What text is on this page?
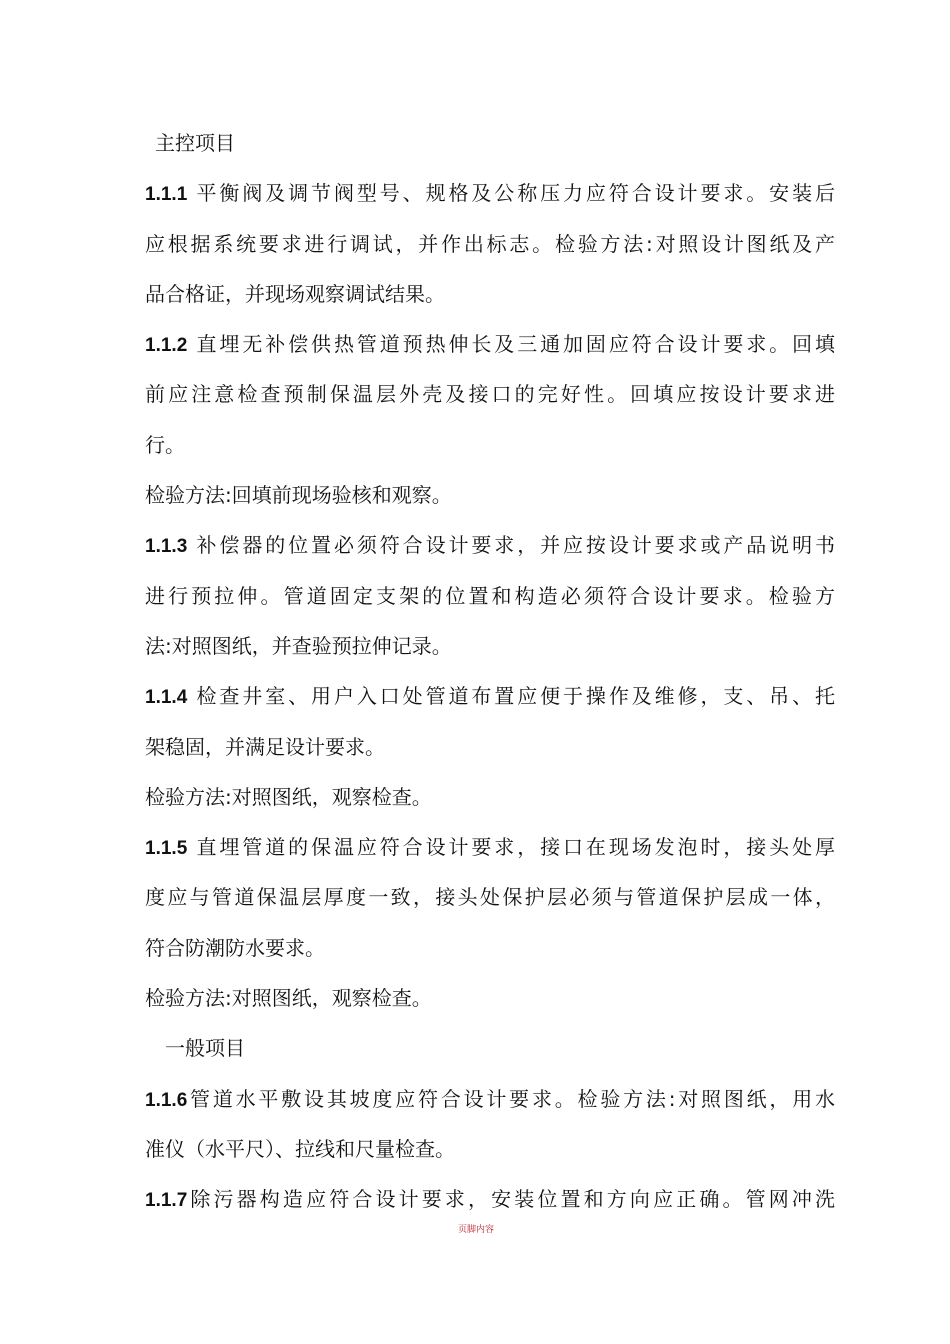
主控项目
1.1.1 平衡阀及调节阀型号、规格及公称压力应符合设计要求。安装后
应根据系统要求进行调试，并作出标志。检验方法:对照设计图纸及产
品合格证，并现场观察调试结果。
1.1.2 直埋无补偿供热管道预热伸长及三通加固应符合设计要求。回填
前应注意检查预制保温层外壳及接口的完好性。回填应按设计要求进
行。
检验方法:回填前现场验核和观察。
1.1.3 补偿器的位置必须符合设计要求，并应按设计要求或产品说明书
进行预拉伸。管道固定支架的位置和构造必须符合设计要求。检验方
法:对照图纸，并查验预拉伸记录。
1.1.4 检查井室、用户入口处管道布置应便于操作及维修，支、吊、托
架稳固，并满足设计要求。
检验方法:对照图纸，观察检查。
1.1.5 直埋管道的保温应符合设计要求，接口在现场发泡时，接头处厚
度应与管道保温层厚度一致，接头处保护层必须与管道保护层成一体，
符合防潮防水要求。
检验方法:对照图纸，观察检查。
一般项目
1.1.6管道水平敷设其坡度应符合设计要求。检验方法:对照图纸，用水
准仪（水平尺）、拉线和尺量检查。
1.1.7除污器构造应符合设计要求，安装位置和方向应正确。管网冲洗
页脚内容
